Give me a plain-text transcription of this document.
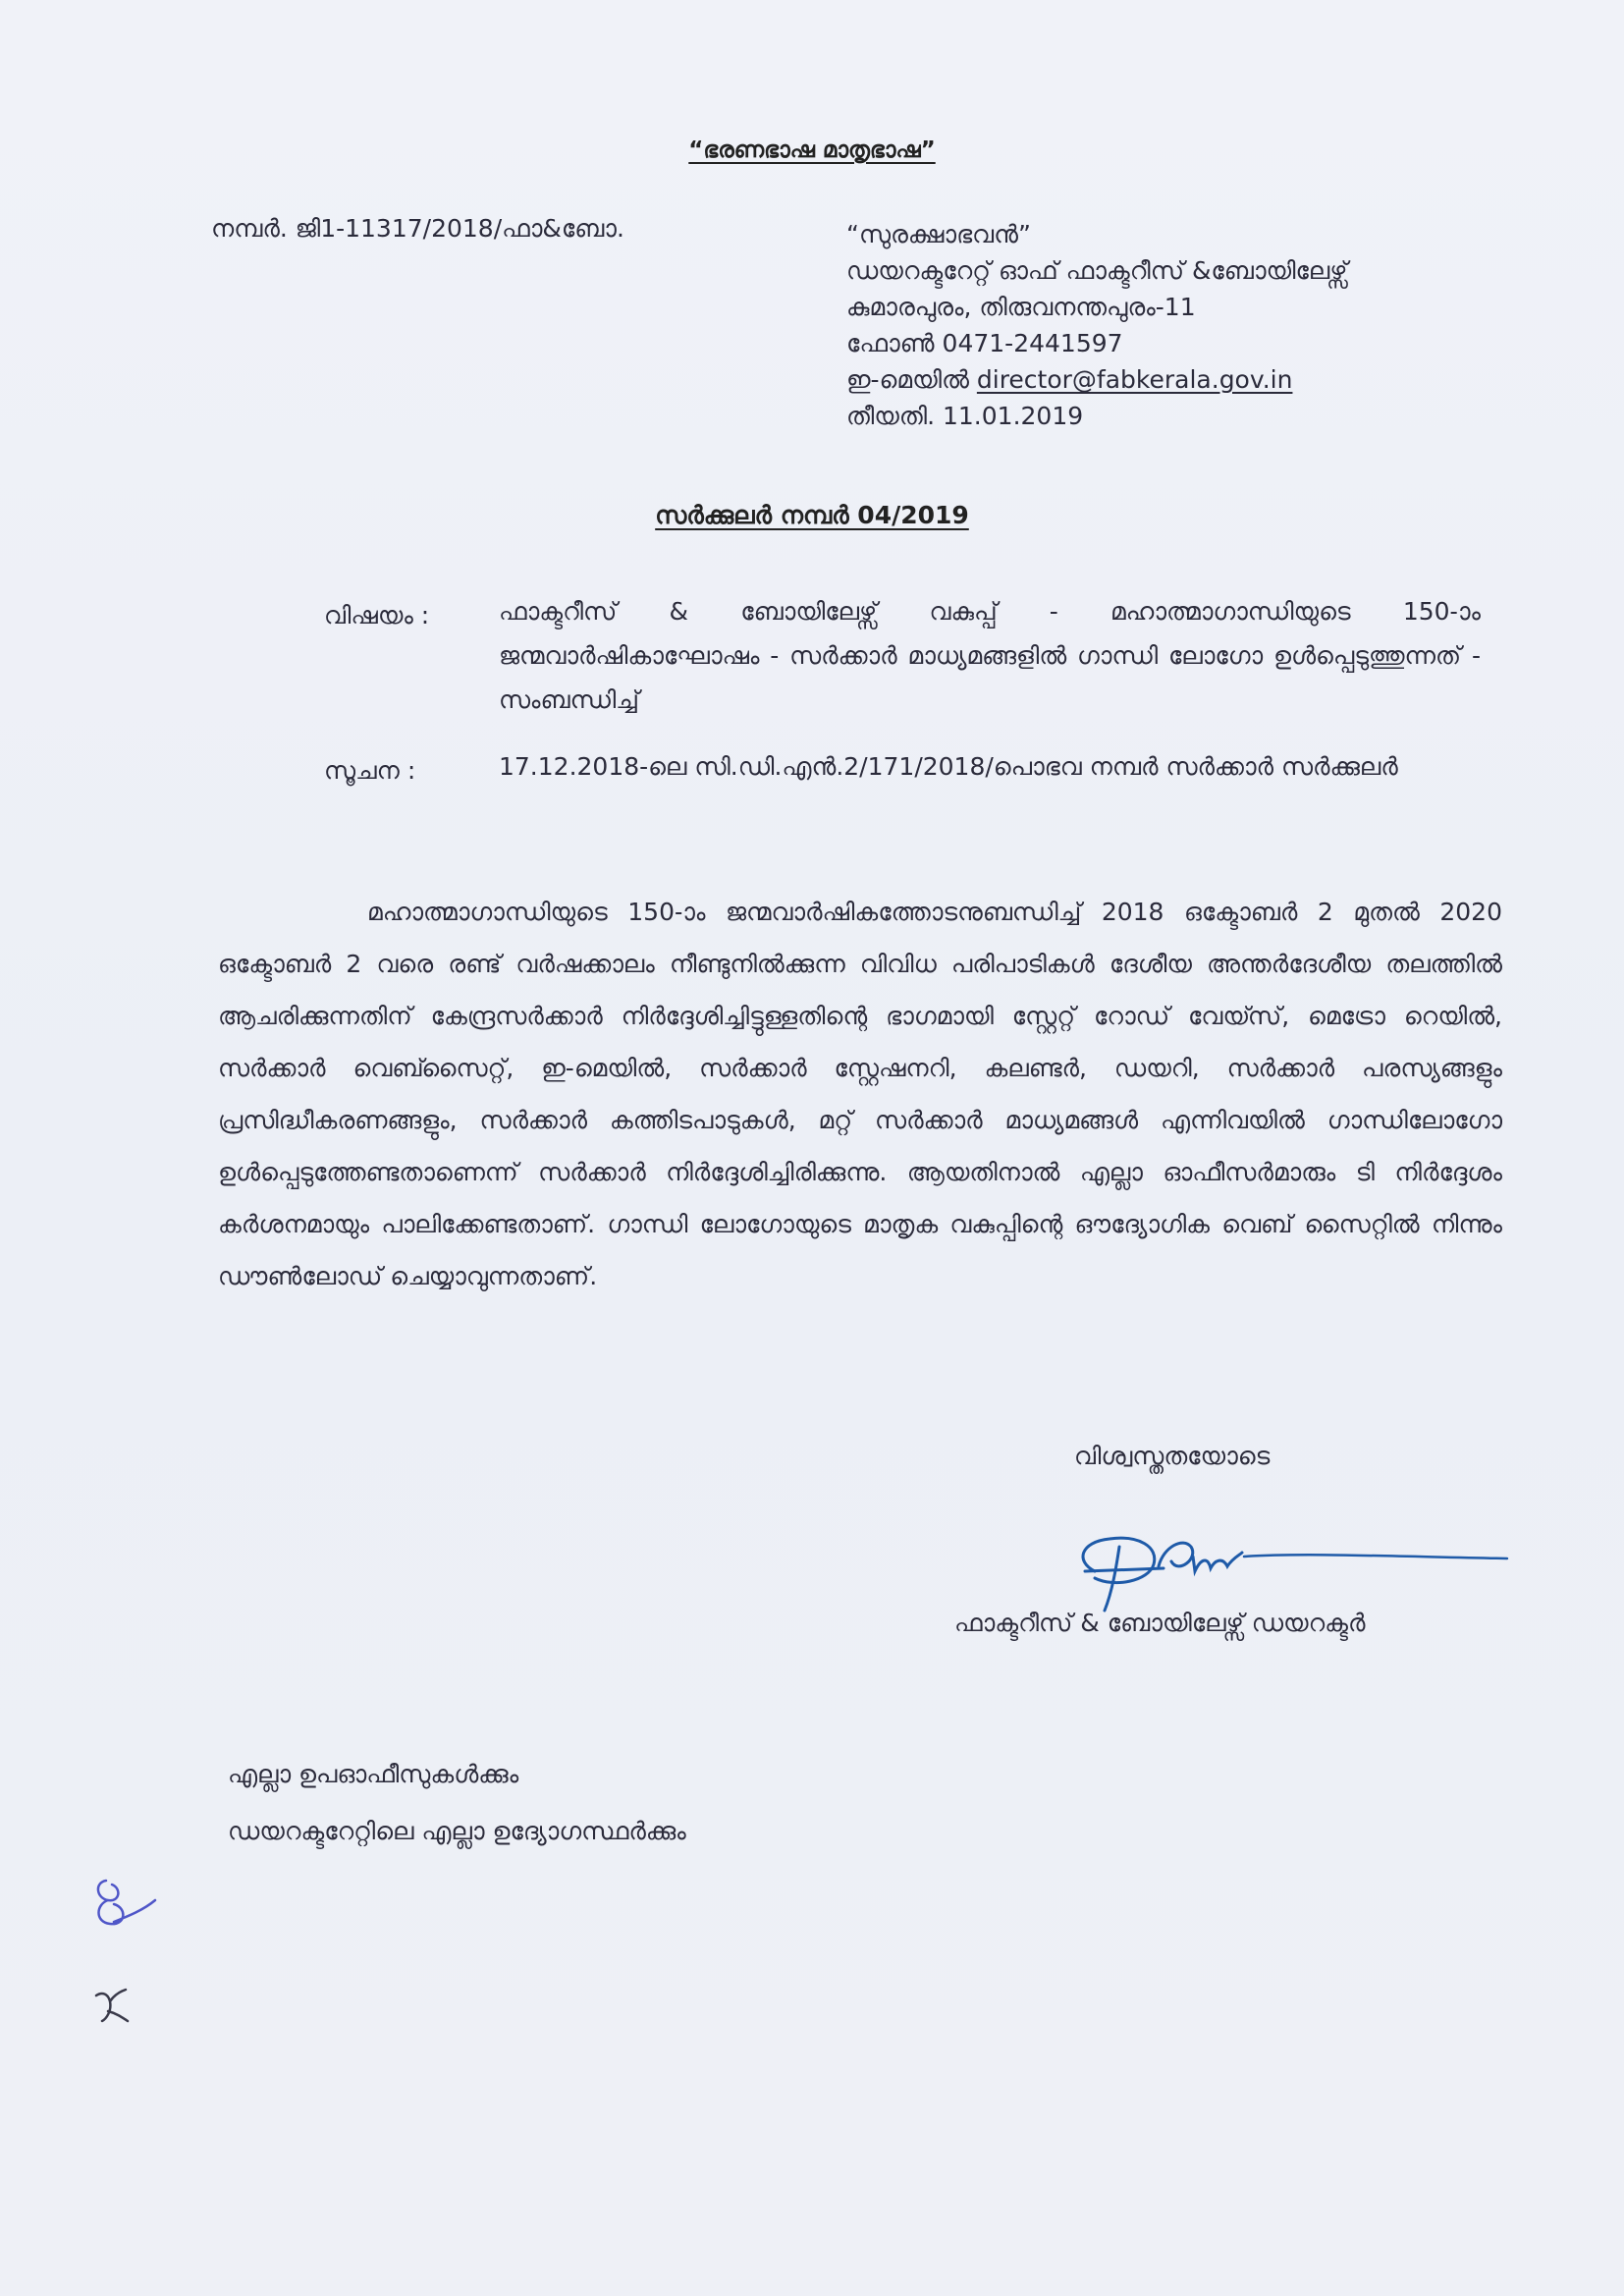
“ഭരണഭാഷ മാതൃഭാഷ”
നമ്പർ. ജി1-11317/2018/ഫാ&ബോ.	“സുരക്ഷാഭവൻ”
ഡയറക്ടറേറ്റ് ഓഫ് ഫാക്ടറീസ് &ബോയിലേഴ്സ്
കുമാരപുരം, തിരുവനന്തപുരം-11
ഫോൺ 0471-2441597
ഇ-മെയിൽ director@fabkerala.gov.in
തീയതി. 11.01.2019
സർക്കുലർ നമ്പർ 04/2019
വിഷയം :	ഫാക്ടറീസ് & ബോയിലേഴ്സ് വകുപ്പ് - മഹാത്മാഗാന്ധിയുടെ 150-ാം ജന്മവാർഷികാഘോഷം - സർക്കാർ മാധ്യമങ്ങളിൽ ഗാന്ധി ലോഗോ ഉൾപ്പെടുത്തുന്നത് - സംബന്ധിച്ച്
സൂചന :	17.12.2018-ലെ സി.ഡി.എൻ.2/171/2018/പൊഭവ നമ്പർ സർക്കാർ സർക്കുലർ
മഹാത്മാഗാന്ധിയുടെ 150-ാം ജന്മവാർഷികത്തോടനുബന്ധിച്ച് 2018 ഒക്ടോബർ 2 മുതൽ 2020 ഒക്ടോബർ 2 വരെ രണ്ട് വർഷക്കാലം നീണ്ടുനിൽക്കുന്ന വിവിധ പരിപാടികൾ ദേശീയ അന്തർദേശീയ തലത്തിൽ ആചരിക്കുന്നതിന് കേന്ദ്രസർക്കാർ നിർദ്ദേശിച്ചിട്ടുള്ളതിന്റെ ഭാഗമായി സ്റ്റേറ്റ് റോഡ് വേയ്സ്, മെട്രോ റെയിൽ, സർക്കാർ വെബ്സൈറ്റ്, ഇ-മെയിൽ, സർക്കാർ സ്റ്റേഷനറി, കലണ്ടർ, ഡയറി, സർക്കാർ പരസ്യങ്ങളും പ്രസിദ്ധീകരണങ്ങളും, സർക്കാർ കത്തിടപാടുകൾ, മറ്റ് സർക്കാർ മാധ്യമങ്ങൾ എന്നിവയിൽ ഗാന്ധിലോഗോ ഉൾപ്പെടുത്തേണ്ടതാണെന്ന് സർക്കാർ നിർദ്ദേശിച്ചിരിക്കുന്നു. ആയതിനാൽ എല്ലാ ഓഫീസർമാരും ടി നിർദ്ദേശം കർശനമായും പാലിക്കേണ്ടതാണ്. ഗാന്ധി ലോഗോയുടെ മാതൃക വകുപ്പിന്റെ ഔദ്യോഗിക വെബ് സൈറ്റിൽ നിന്നും ഡൗൺലോഡ് ചെയ്യാവുന്നതാണ്.
വിശ്വസ്തതയോടെ
ഫാക്ടറീസ് & ബോയിലേഴ്സ് ഡയറക്ടർ
എല്ലാ ഉപഓഫീസുകൾക്കും
ഡയറക്ടറേറ്റിലെ എല്ലാ ഉദ്യോഗസ്ഥർക്കും
